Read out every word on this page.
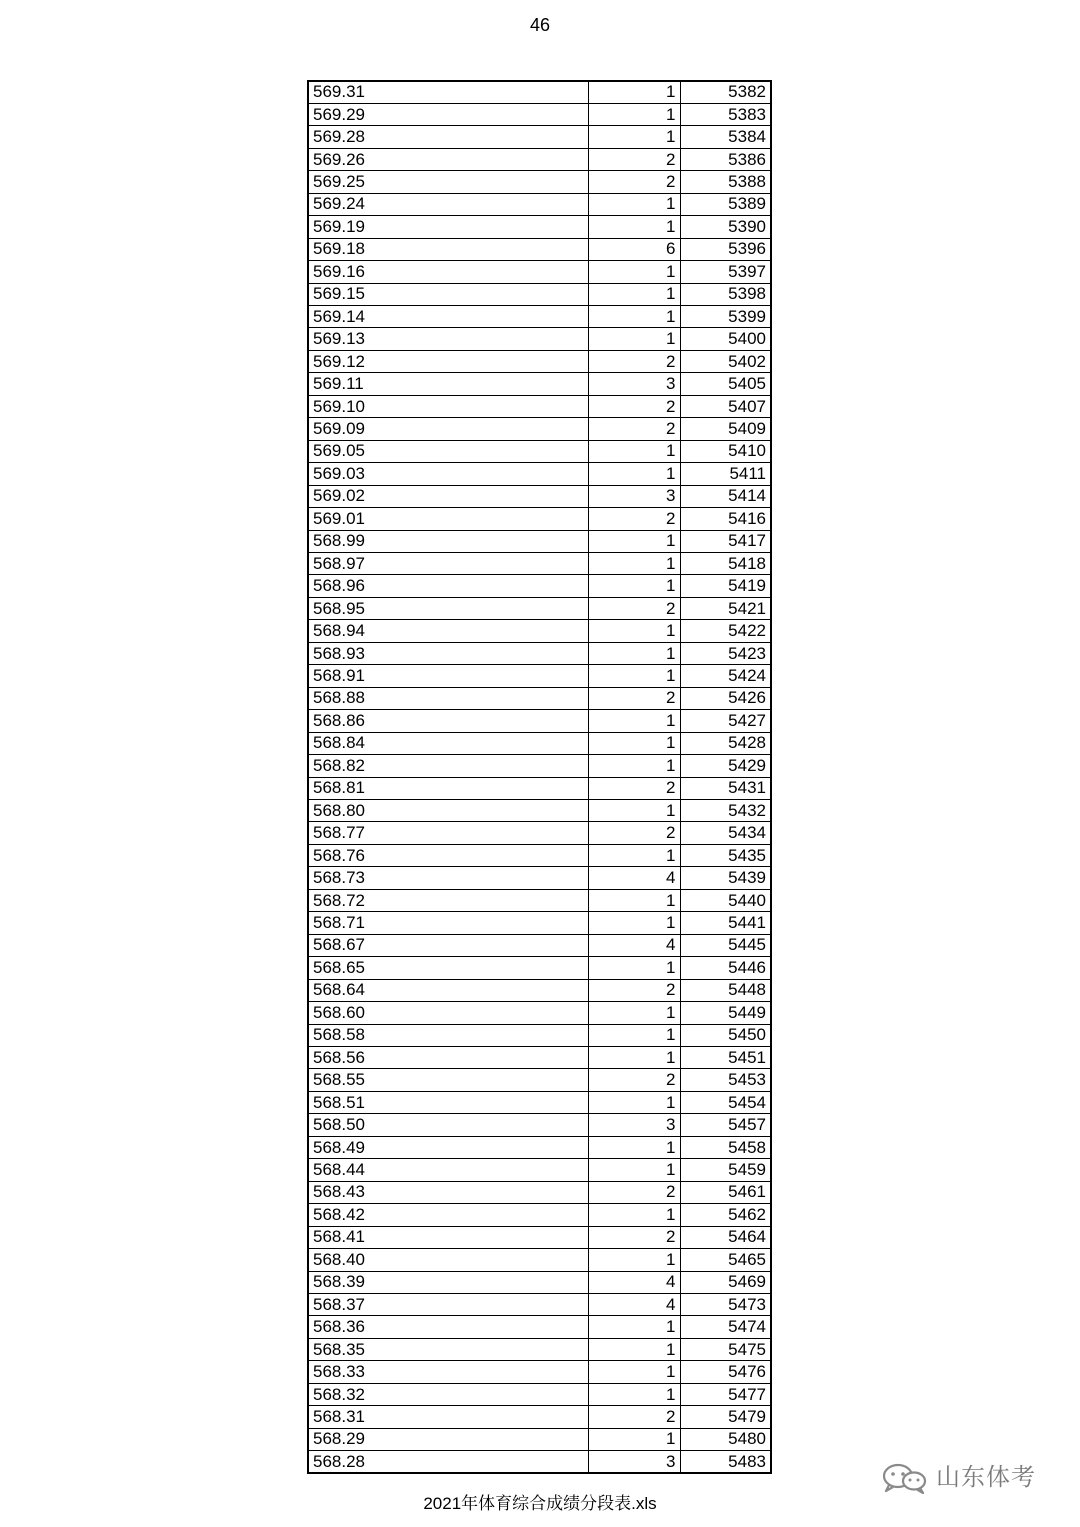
46
569.31	1	5382
569.29	1	5383
569.28	1	5384
569.26	2	5386
569.25	2	5388
569.24	1	5389
569.19	1	5390
569.18	6	5396
569.16	1	5397
569.15	1	5398
569.14	1	5399
569.13	1	5400
569.12	2	5402
569.11	3	5405
569.10	2	5407
569.09	2	5409
569.05	1	5410
569.03	1	5411
569.02	3	5414
569.01	2	5416
568.99	1	5417
568.97	1	5418
568.96	1	5419
568.95	2	5421
568.94	1	5422
568.93	1	5423
568.91	1	5424
568.88	2	5426
568.86	1	5427
568.84	1	5428
568.82	1	5429
568.81	2	5431
568.80	1	5432
568.77	2	5434
568.76	1	5435
568.73	4	5439
568.72	1	5440
568.71	1	5441
568.67	4	5445
568.65	1	5446
568.64	2	5448
568.60	1	5449
568.58	1	5450
568.56	1	5451
568.55	2	5453
568.51	1	5454
568.50	3	5457
568.49	1	5458
568.44	1	5459
568.43	2	5461
568.42	1	5462
568.41	2	5464
568.40	1	5465
568.39	4	5469
568.37	4	5473
568.36	1	5474
568.35	1	5475
568.33	1	5476
568.32	1	5477
568.31	2	5479
568.29	1	5480
568.28	3	5483
山东体考
2021年体育综合成绩分段表.xls
